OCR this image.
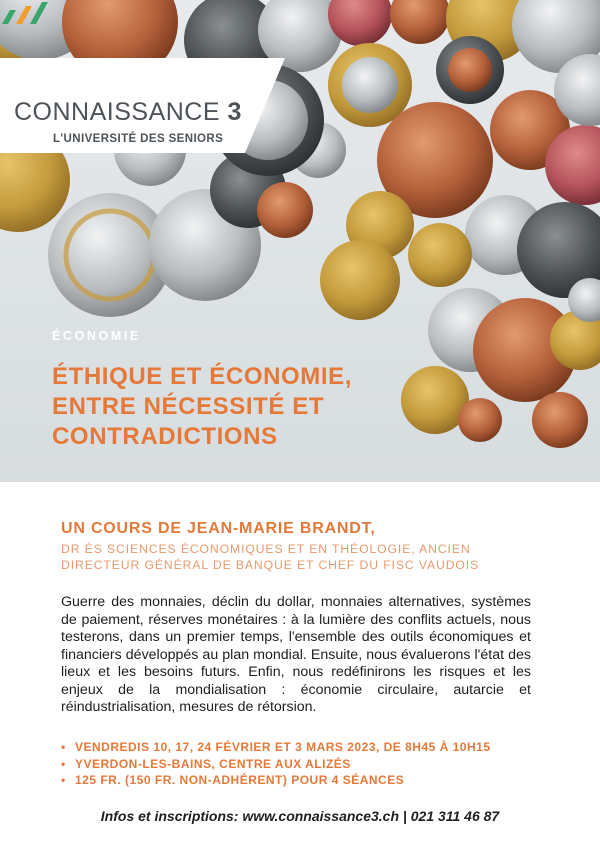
CONNAISSANCE 3
L'UNIVERSITÉ DES SENIORS
ÉCONOMIE
ÉTHIQUE ET ÉCONOMIE, ENTRE NÉCESSITÉ ET CONTRADICTIONS
UN COURS DE JEAN-MARIE BRANDT,
DR ÈS SCIENCES ÉCONOMIQUES ET EN THÉOLOGIE, ANCIEN DIRECTEUR GÉNÉRAL DE BANQUE ET CHEF DU FISC VAUDOIS
Guerre des monnaies, déclin du dollar, monnaies alternatives, systèmes de paiement, réserves monétaires : à la lumière des conflits actuels, nous testerons, dans un premier temps, l'ensemble des outils économiques et financiers développés au plan mondial. Ensuite, nous évaluerons l'état des lieux et les besoins futurs. Enfin, nous redéfinirons les risques et les enjeux de la mondialisation : économie circulaire, autarcie et réindustrialisation, mesures de rétorsion.
• VENDREDIS 10, 17, 24 FÉVRIER ET 3 MARS 2023, DE 8H45 À 10H15
• YVERDON-LES-BAINS, CENTRE AUX ALIZÉS
• 125 FR. (150 FR. NON-ADHÉRENT) POUR 4 SÉANCES
Infos et inscriptions: www.connaissance3.ch | 021 311 46 87
